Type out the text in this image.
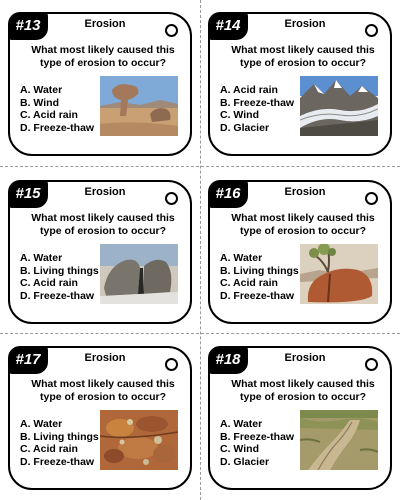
#13	Erosion
What most likely caused this
type of erosion to occur?
A. Water
B. Wind
C. Acid rain
D. Freeze-thaw
#14	Erosion
What most likely caused this
type of erosion to occur?
A. Acid rain
B. Freeze-thaw
C. Wind
D. Glacier
#15	Erosion
What most likely caused this
type of erosion to occur?
A. Water
B. Living things
C. Acid rain
D. Freeze-thaw
#16	Erosion
What most likely caused this
type of erosion to occur?
A. Water
B. Living things
C. Acid rain
D. Freeze-thaw
#17	Erosion
What most likely caused this
type of erosion to occur?
A. Water
B. Living things
C. Acid rain
D. Freeze-thaw
#18	Erosion
What most likely caused this
type of erosion to occur?
A. Water
B. Freeze-thaw
C. Wind
D. Glacier
